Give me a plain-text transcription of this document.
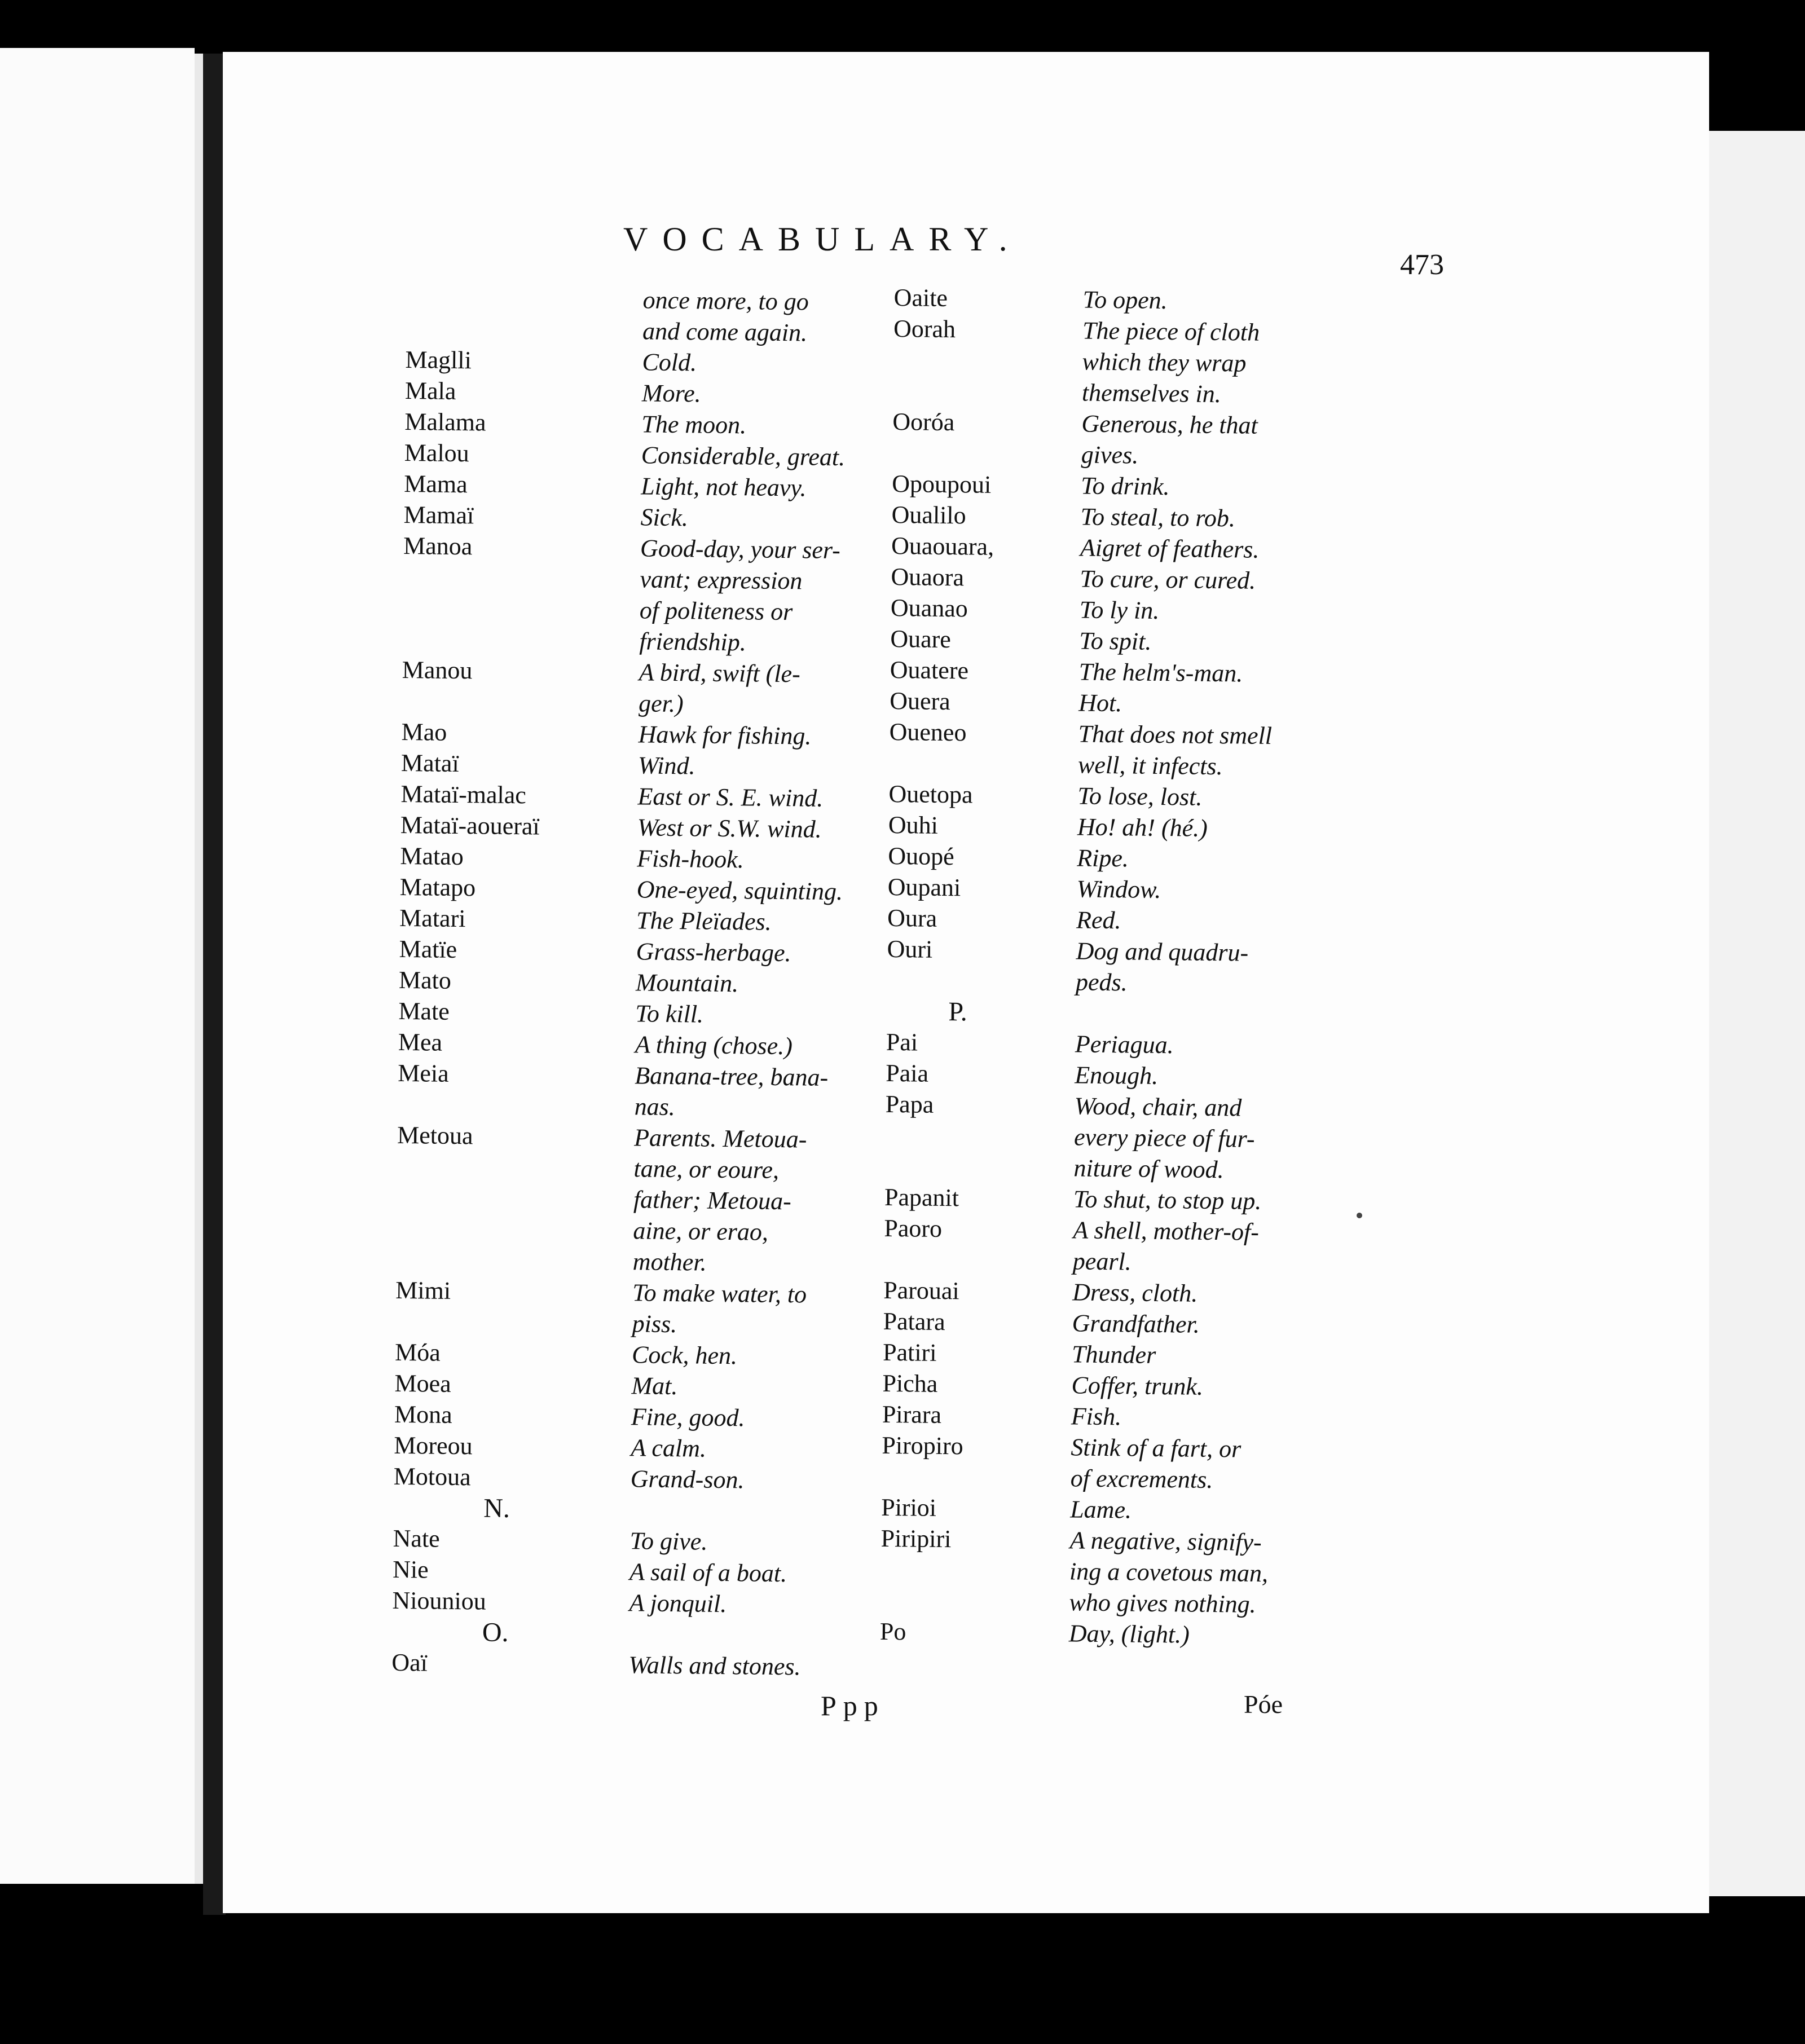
VOCABULARY.
473
once more, to go
and come again.
Maglli	Cold.
Mala	More.
Malama	The moon.
Malou	Considerable, great.
Mama	Light, not heavy.
Mamaï	Sick.
Manoa	Good-day, your ser-
vant; expression
of politeness or
friendship.
Manou	A bird, swift (le-
ger.)
Mao	Hawk for fishing.
Mataï	Wind.
Mataï-malac	East or S. E. wind.
Mataï-aoueraï	West or S.W. wind.
Matao	Fish-hook.
Matapo	One-eyed, squinting.
Matari	The Pleïades.
Matïe	Grass-herbage.
Mato	Mountain.
Mate	To kill.
Mea	A thing (chose.)
Meia	Banana-tree, bana-
nas.
Metoua	Parents. Metoua-
tane, or eoure,
father; Metoua-
aine, or erao,
mother.
Mimi	To make water, to
piss.
Móa	Cock, hen.
Moea	Mat.
Mona	Fine, good.
Moreou	A calm.
Motoua	Grand-son.
N.
Nate	To give.
Nie	A sail of a boat.
Niouniou	A jonquil.
O.
Oaï	Walls and stones.
Oaite	To open.
Oorah	The piece of cloth
which they wrap
themselves in.
Ooróa	Generous, he that
gives.
Opoupoui	To drink.
Oualilo	To steal, to rob.
Ouaouara,	Aigret of feathers.
Ouaora	To cure, or cured.
Ouanao	To ly in.
Ouare	To spit.
Ouatere	The helm's-man.
Ouera	Hot.
Oueneo	That does not smell
well, it infects.
Ouetopa	To lose, lost.
Ouhi	Ho! ah! (hé.)
Ouopé	Ripe.
Oupani	Window.
Oura	Red.
Ouri	Dog and quadru-
peds.
P.
Pai	Periagua.
Paia	Enough.
Papa	Wood, chair, and
every piece of fur-
niture of wood.
Papanit	To shut, to stop up.
Paoro	A shell, mother-of-
pearl.
Parouai	Dress, cloth.
Patara	Grandfather.
Patiri	Thunder
Picha	Coffer, trunk.
Pirara	Fish.
Piropiro	Stink of a fart, or
of excrements.
Pirioi	Lame.
Piripiri	A negative, signify-
ing a covetous man,
who gives nothing.
Po	Day, (light.)
Ppp	Póe
